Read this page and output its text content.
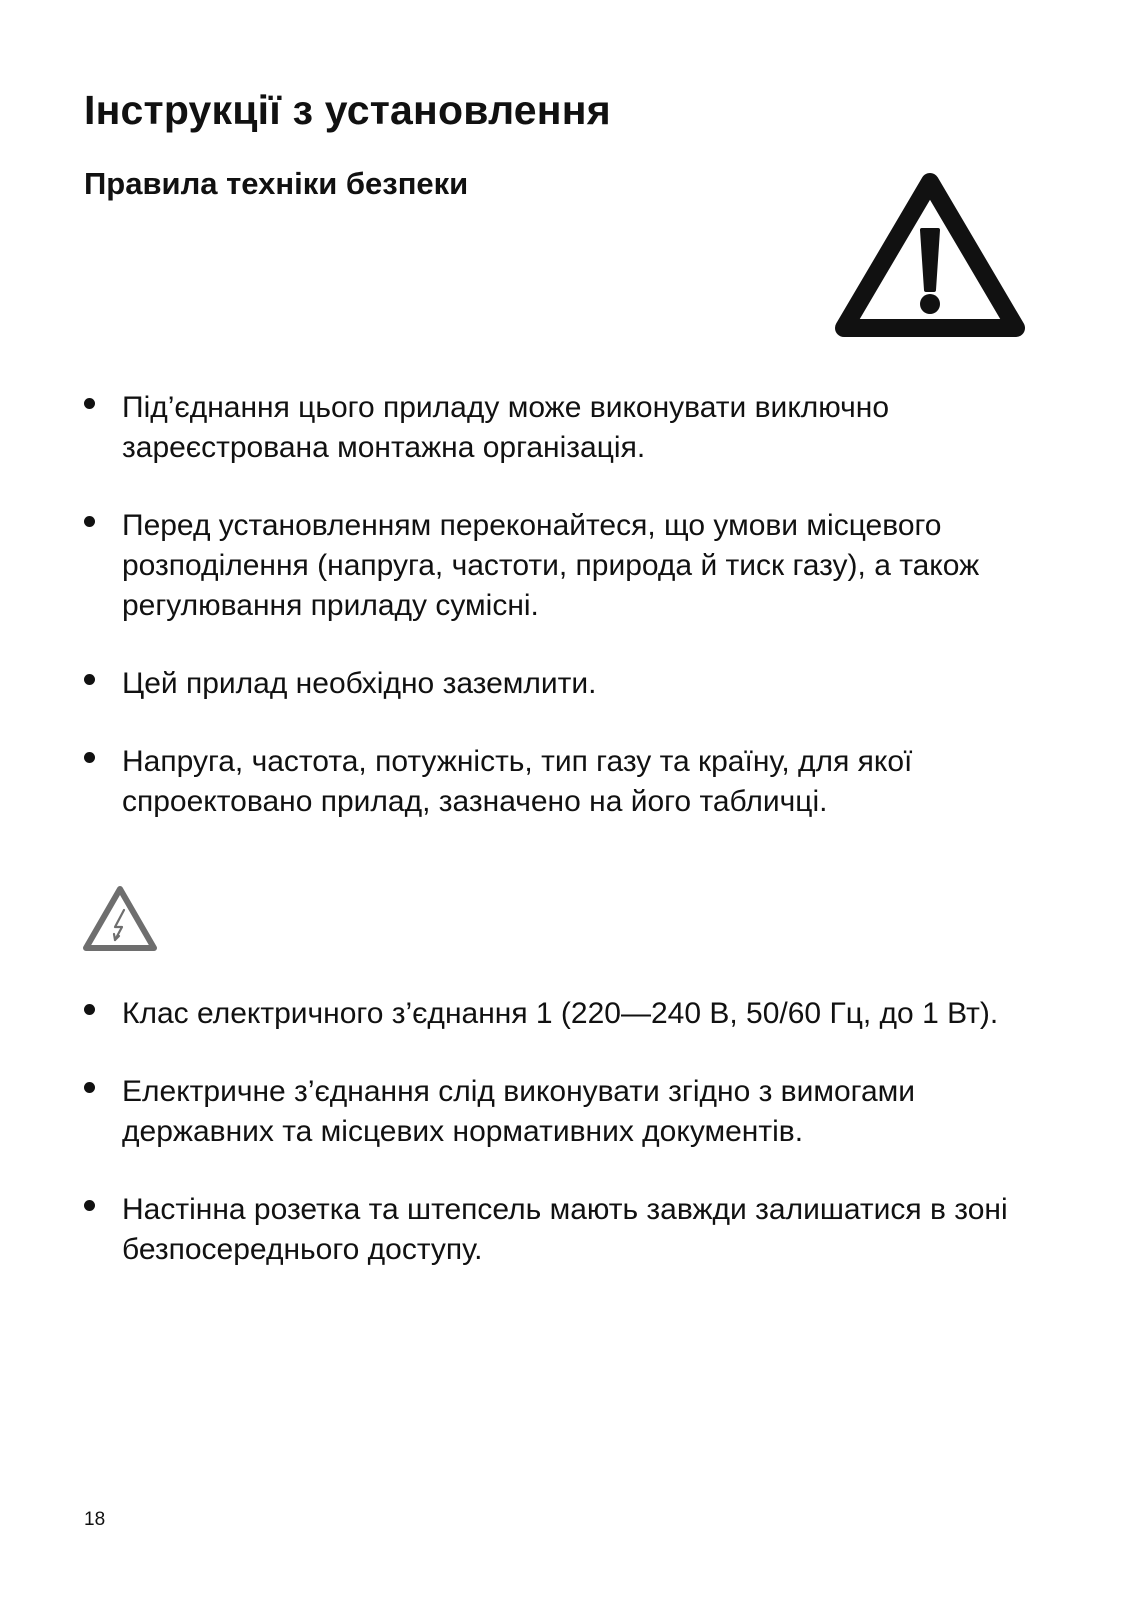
Інструкції з установлення
Правила техніки безпеки
Під’єднання цього приладу може виконувати виключно зареєстрована монтажна організація.
Перед установленням переконайтеся, що умови місцевого розподілення (напруга, частоти, природа й тиск газу), а також регулювання приладу сумісні.
Цей прилад необхідно заземлити.
Напруга, частота, потужність, тип газу та країну, для якої спроектовано прилад, зазначено на його табличці.
Клас електричного з’єднання 1 (220—240 В, 50/60 Гц, до 1 Вт).
Електричне з’єднання слід виконувати згідно з вимогами державних та місцевих нормативних документів.
Настінна розетка та штепсель мають завжди залишатися в зоні безпосереднього доступу.
18
